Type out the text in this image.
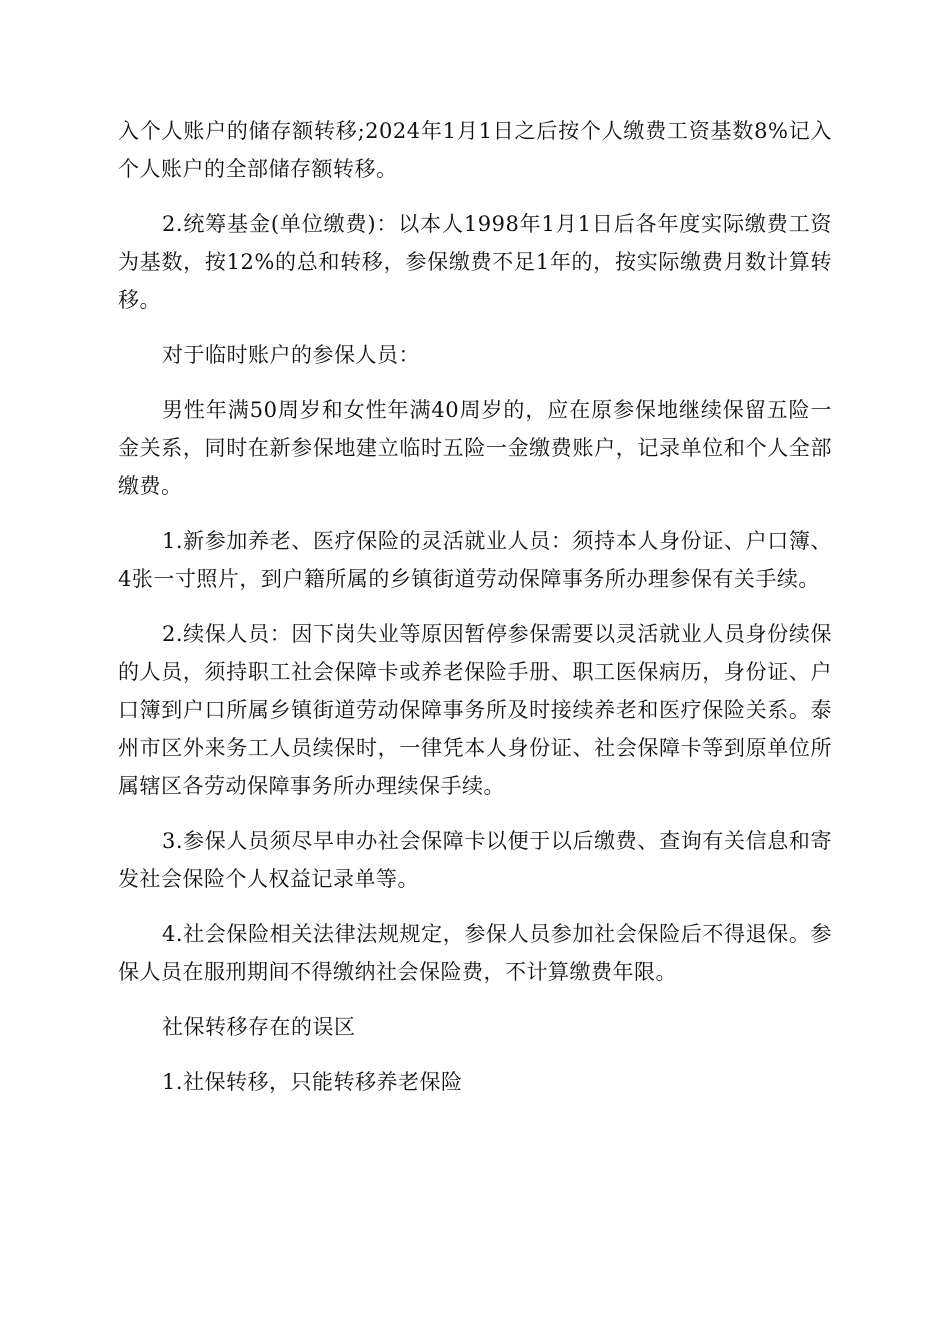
入个人账户的储存额转移;2024年1月1日之后按个人缴费工资基数8%记入个人账户的全部储存额转移。

2.统筹基金(单位缴费)：以本人1998年1月1日后各年度实际缴费工资为基数，按12%的总和转移，参保缴费不足1年的，按实际缴费月数计算转移。

对于临时账户的参保人员：

男性年满50周岁和女性年满40周岁的，应在原参保地继续保留五险一金关系，同时在新参保地建立临时五险一金缴费账户，记录单位和个人全部缴费。

1.新参加养老、医疗保险的灵活就业人员：须持本人身份证、户口簿、4张一寸照片，到户籍所属的乡镇街道劳动保障事务所办理参保有关手续。

2.续保人员：因下岗失业等原因暂停参保需要以灵活就业人员身份续保的人员，须持职工社会保障卡或养老保险手册、职工医保病历，身份证、户口簿到户口所属乡镇街道劳动保障事务所及时接续养老和医疗保险关系。泰州市区外来务工人员续保时，一律凭本人身份证、社会保障卡等到原单位所属辖区各劳动保障事务所办理续保手续。

3.参保人员须尽早申办社会保障卡以便于以后缴费、查询有关信息和寄发社会保险个人权益记录单等。

4.社会保险相关法律法规规定，参保人员参加社会保险后不得退保。参保人员在服刑期间不得缴纳社会保险费，不计算缴费年限。

社保转移存在的误区

1.社保转移，只能转移养老保险
